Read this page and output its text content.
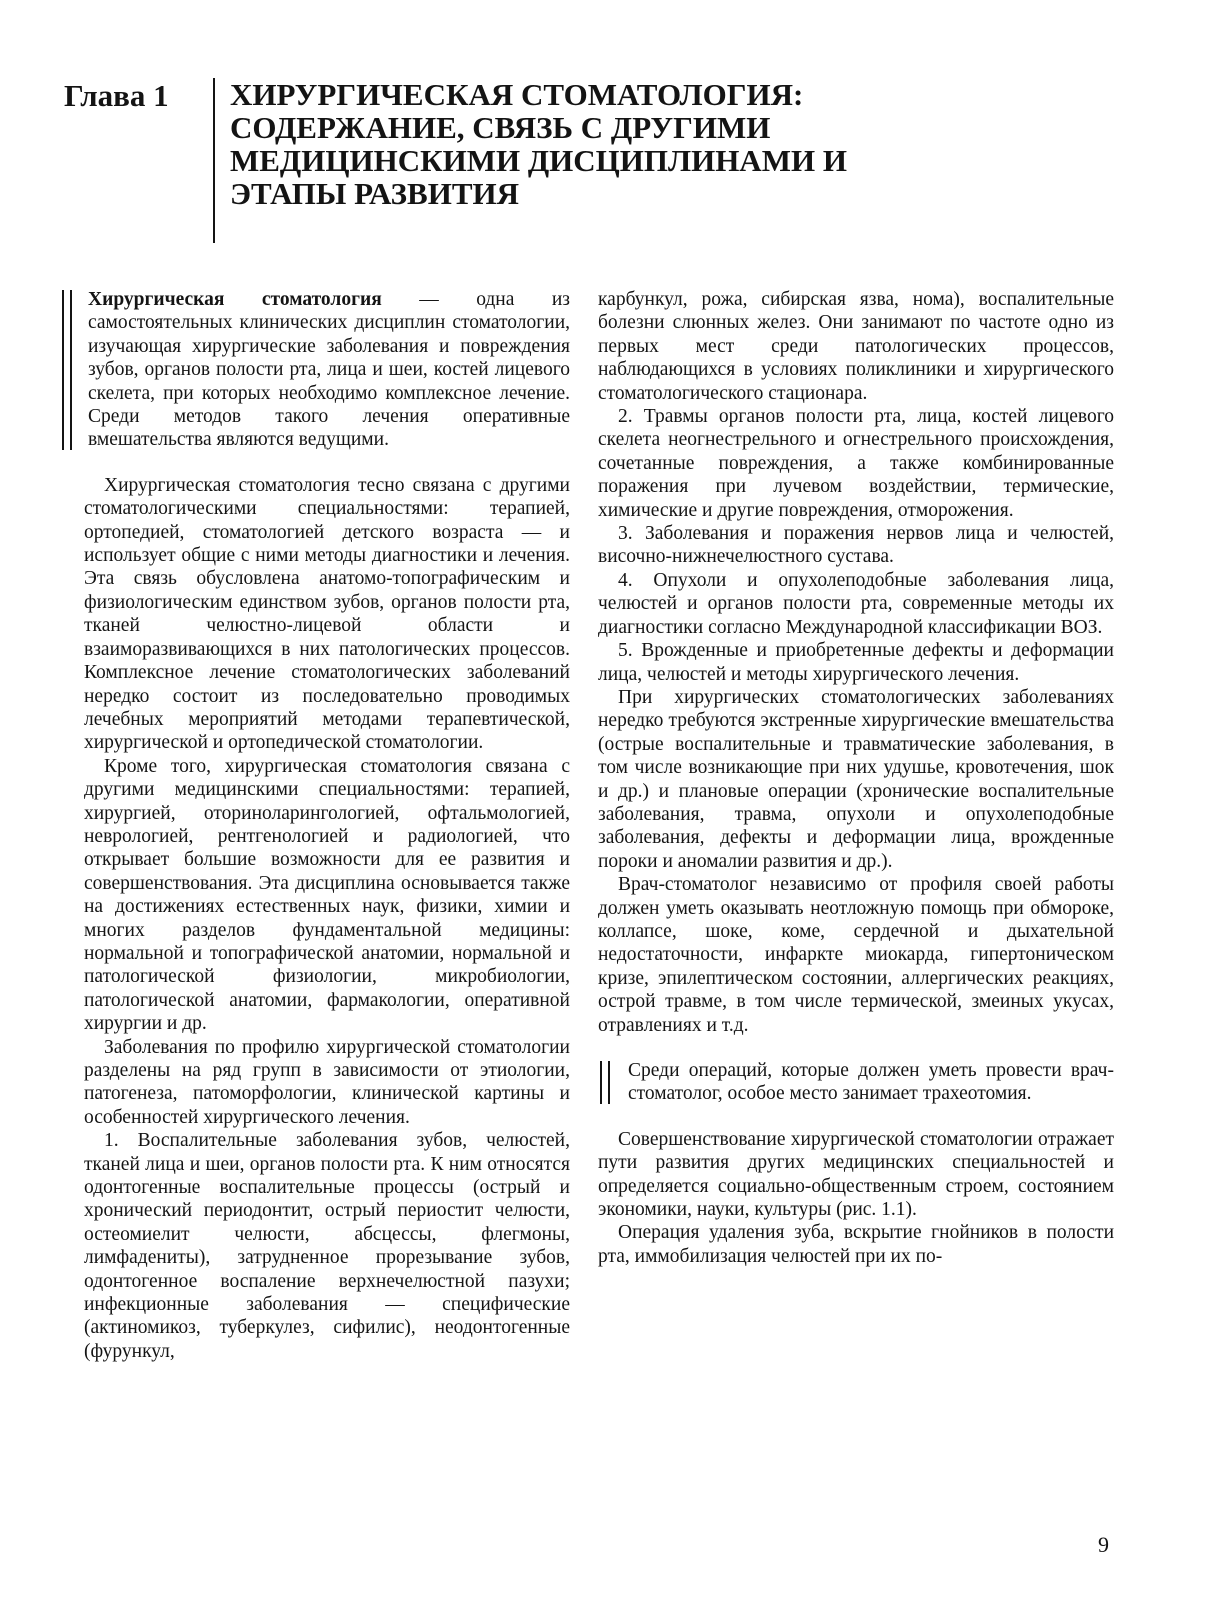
Глава 1 ХИРУРГИЧЕСКАЯ СТОМАТОЛОГИЯ: СОДЕРЖАНИЕ, СВЯЗЬ С ДРУГИМИ МЕДИЦИНСКИМИ ДИСЦИПЛИНАМИ И ЭТАПЫ РАЗВИТИЯ

Хирургическая стоматология — одна из самостоятельных клинических дисциплин стоматологии, изучающая хирургические заболевания и повреждения зубов, органов полости рта, лица и шеи, костей лицевого скелета, при которых необходимо комплексное лечение. Среди методов такого лечения оперативные вмешательства являются ведущими.

Хирургическая стоматология тесно связана с другими стоматологическими специальностями: терапией, ортопедией, стоматологией детского возраста — и использует общие с ними методы диагностики и лечения. Эта связь обусловлена анатомо-топографическим и физиологическим единством зубов, органов полости рта, тканей челюстно-лицевой области и взаиморазвивающихся в них патологических процессов. Комплексное лечение стоматологических заболеваний нередко состоит из последовательно проводимых лечебных мероприятий методами терапевтической, хирургической и ортопедической стоматологии.

Кроме того, хирургическая стоматология связана с другими медицинскими специальностями: терапией, хирургией, оториноларингологией, офтальмологией, неврологией, рентгенологией и радиологией, что открывает большие возможности для ее развития и совершенствования. Эта дисциплина основывается также на достижениях естественных наук, физики, химии и многих разделов фундаментальной медицины: нормальной и топографической анатомии, нормальной и патологической физиологии, микробиологии, патологической анатомии, фармакологии, оперативной хирургии и др.

Заболевания по профилю хирургической стоматологии разделены на ряд групп в зависимости от этиологии, патогенеза, патоморфологии, клинической картины и особенностей хирургического лечения.

1. Воспалительные заболевания зубов, челюстей, тканей лица и шеи, органов полости рта. К ним относятся одонтогенные воспалительные процессы (острый и хронический периодонтит, острый периостит челюсти, остеомиелит челюсти, абсцессы, флегмоны, лимфадениты), затрудненное прорезывание зубов, одонтогенное воспаление верхнечелюстной пазухи; инфекционные заболевания — специфические (актиномикоз, туберкулез, сифилис), неодонтогенные (фурункул,

карбункул, рожа, сибирская язва, нома), воспалительные болезни слюнных желез. Они занимают по частоте одно из первых мест среди патологических процессов, наблюдающихся в условиях поликлиники и хирургического стоматологического стационара.

2. Травмы органов полости рта, лица, костей лицевого скелета неогнестрельного и огнестрельного происхождения, сочетанные повреждения, а также комбинированные поражения при лучевом воздействии, термические, химические и другие повреждения, отморожения.

3. Заболевания и поражения нервов лица и челюстей, височно-нижнечелюстного сустава.

4. Опухоли и опухолеподобные заболевания лица, челюстей и органов полости рта, современные методы их диагностики согласно Международной классификации ВОЗ.

5. Врожденные и приобретенные дефекты и деформации лица, челюстей и методы хирургического лечения.

При хирургических стоматологических заболеваниях нередко требуются экстренные хирургические вмешательства (острые воспалительные и травматические заболевания, в том числе возникающие при них удушье, кровотечения, шок и др.) и плановые операции (хронические воспалительные заболевания, травма, опухоли и опухолеподобные заболевания, дефекты и деформации лица, врожденные пороки и аномалии развития и др.).

Врач-стоматолог независимо от профиля своей работы должен уметь оказывать неотложную помощь при обмороке, коллапсе, шоке, коме, сердечной и дыхательной недостаточности, инфаркте миокарда, гипертоническом кризе, эпилептическом состоянии, аллергических реакциях, острой травме, в том числе термической, змеиных укусах, отравлениях и т.д.

Среди операций, которые должен уметь провести врач-стоматолог, особое место занимает трахеотомия.

Совершенствование хирургической стоматологии отражает пути развития других медицинских специальностей и определяется социально-общественным строем, состоянием экономики, науки, культуры (рис. 1.1).

Операция удаления зуба, вскрытие гнойников в полости рта, иммобилизация челюстей при их по-

9
